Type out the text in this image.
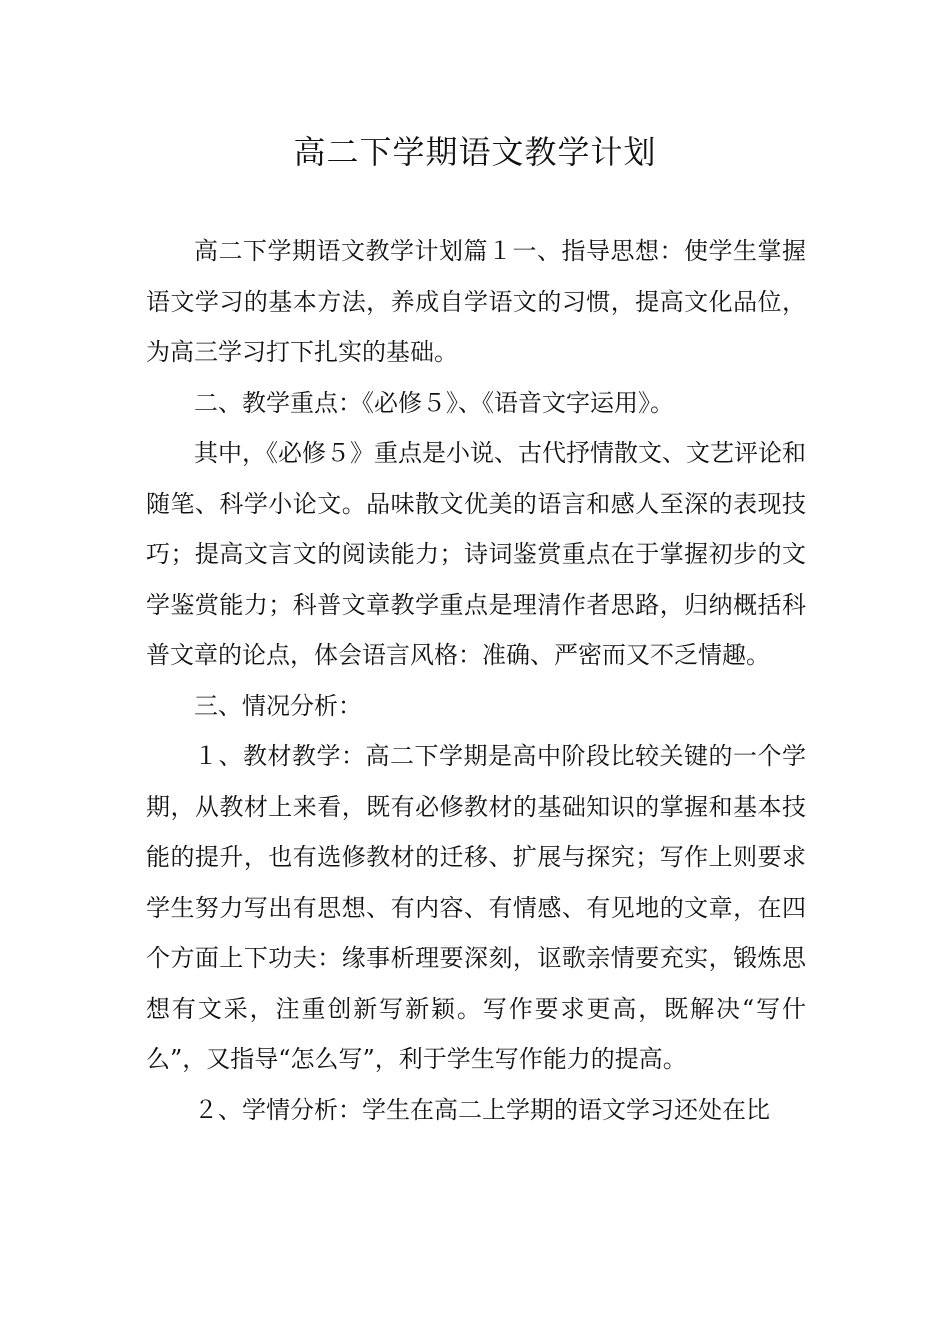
高二下学期语文教学计划

高二下学期语文教学计划篇１一、指导思想：使学生掌握语文学习的基本方法，养成自学语文的习惯，提高文化品位，为高三学习打下扎实的基础。

二、教学重点：《必修５》、《语音文字运用》。

其中，《必修５》重点是小说、古代抒情散文、文艺评论和随笔、科学小论文。品味散文优美的语言和感人至深的表现技巧；提高文言文的阅读能力；诗词鉴赏重点在于掌握初步的文学鉴赏能力；科普文章教学重点是理清作者思路，归纳概括科普文章的论点，体会语言风格：准确、严密而又不乏情趣。

三、情况分析：

１、教材教学：高二下学期是高中阶段比较关键的一个学期，从教材上来看，既有必修教材的基础知识的掌握和基本技能的提升，也有选修教材的迁移、扩展与探究；写作上则要求学生努力写出有思想、有内容、有情感、有见地的文章，在四个方面上下功夫：缘事析理要深刻，讴歌亲情要充实，锻炼思想有文采，注重创新写新颖。写作要求更高，既解决“写什么”，又指导“怎么写”，利于学生写作能力的提高。

２、学情分析：学生在高二上学期的语文学习还处在比
